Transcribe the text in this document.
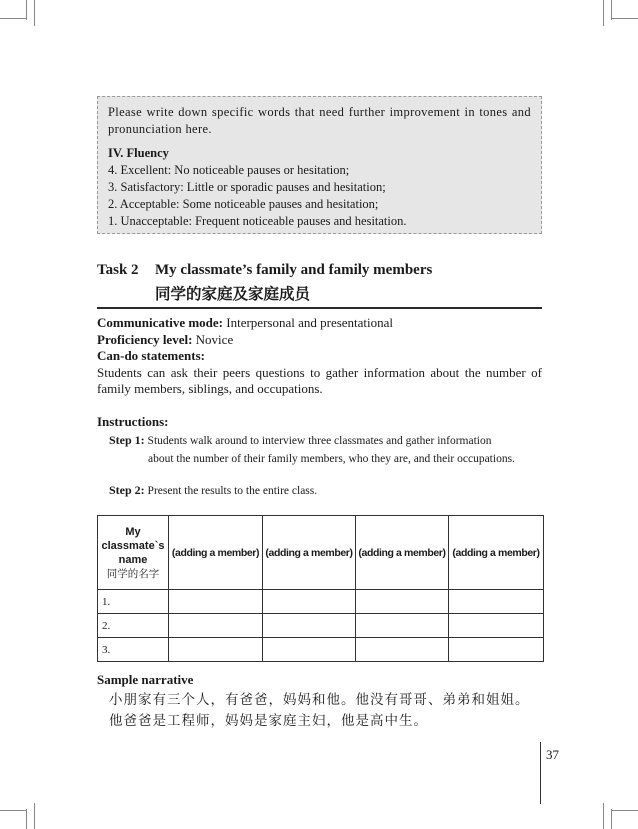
Please write down specific words that need further improvement in tones and pronunciation here.

IV. Fluency

4. Excellent: No noticeable pauses or hesitation;

3. Satisfactory: Little or sporadic pauses and hesitation;

2. Acceptable: Some noticeable pauses and hesitation;

1. Unacceptable: Frequent noticeable pauses and hesitation.

Task 2 My classmate’s family and family members
同学的家庭及家庭成员

Communicative mode: Interpersonal and presentational

Proficiency level: Novice

Can-do statements:

Students can ask their peers questions to gather information about the number of family members, siblings, and occupations.

Instructions:

Step 1: Students walk around to interview three classmates and gather information
about the number of their family members, who they are, and their occupations.
Step 2: Present the results to the entire class.
My
classmate`s
name
同学的名字	(adding a member)	(adding a member)	(adding a member)	(adding a member)
1.				
2.				
3.				
Sample narrative
小朋家有三个人，有爸爸，妈妈和他。他没有哥哥、弟弟和姐姐。
他爸爸是工程师，妈妈是家庭主妇，他是高中生。
37
